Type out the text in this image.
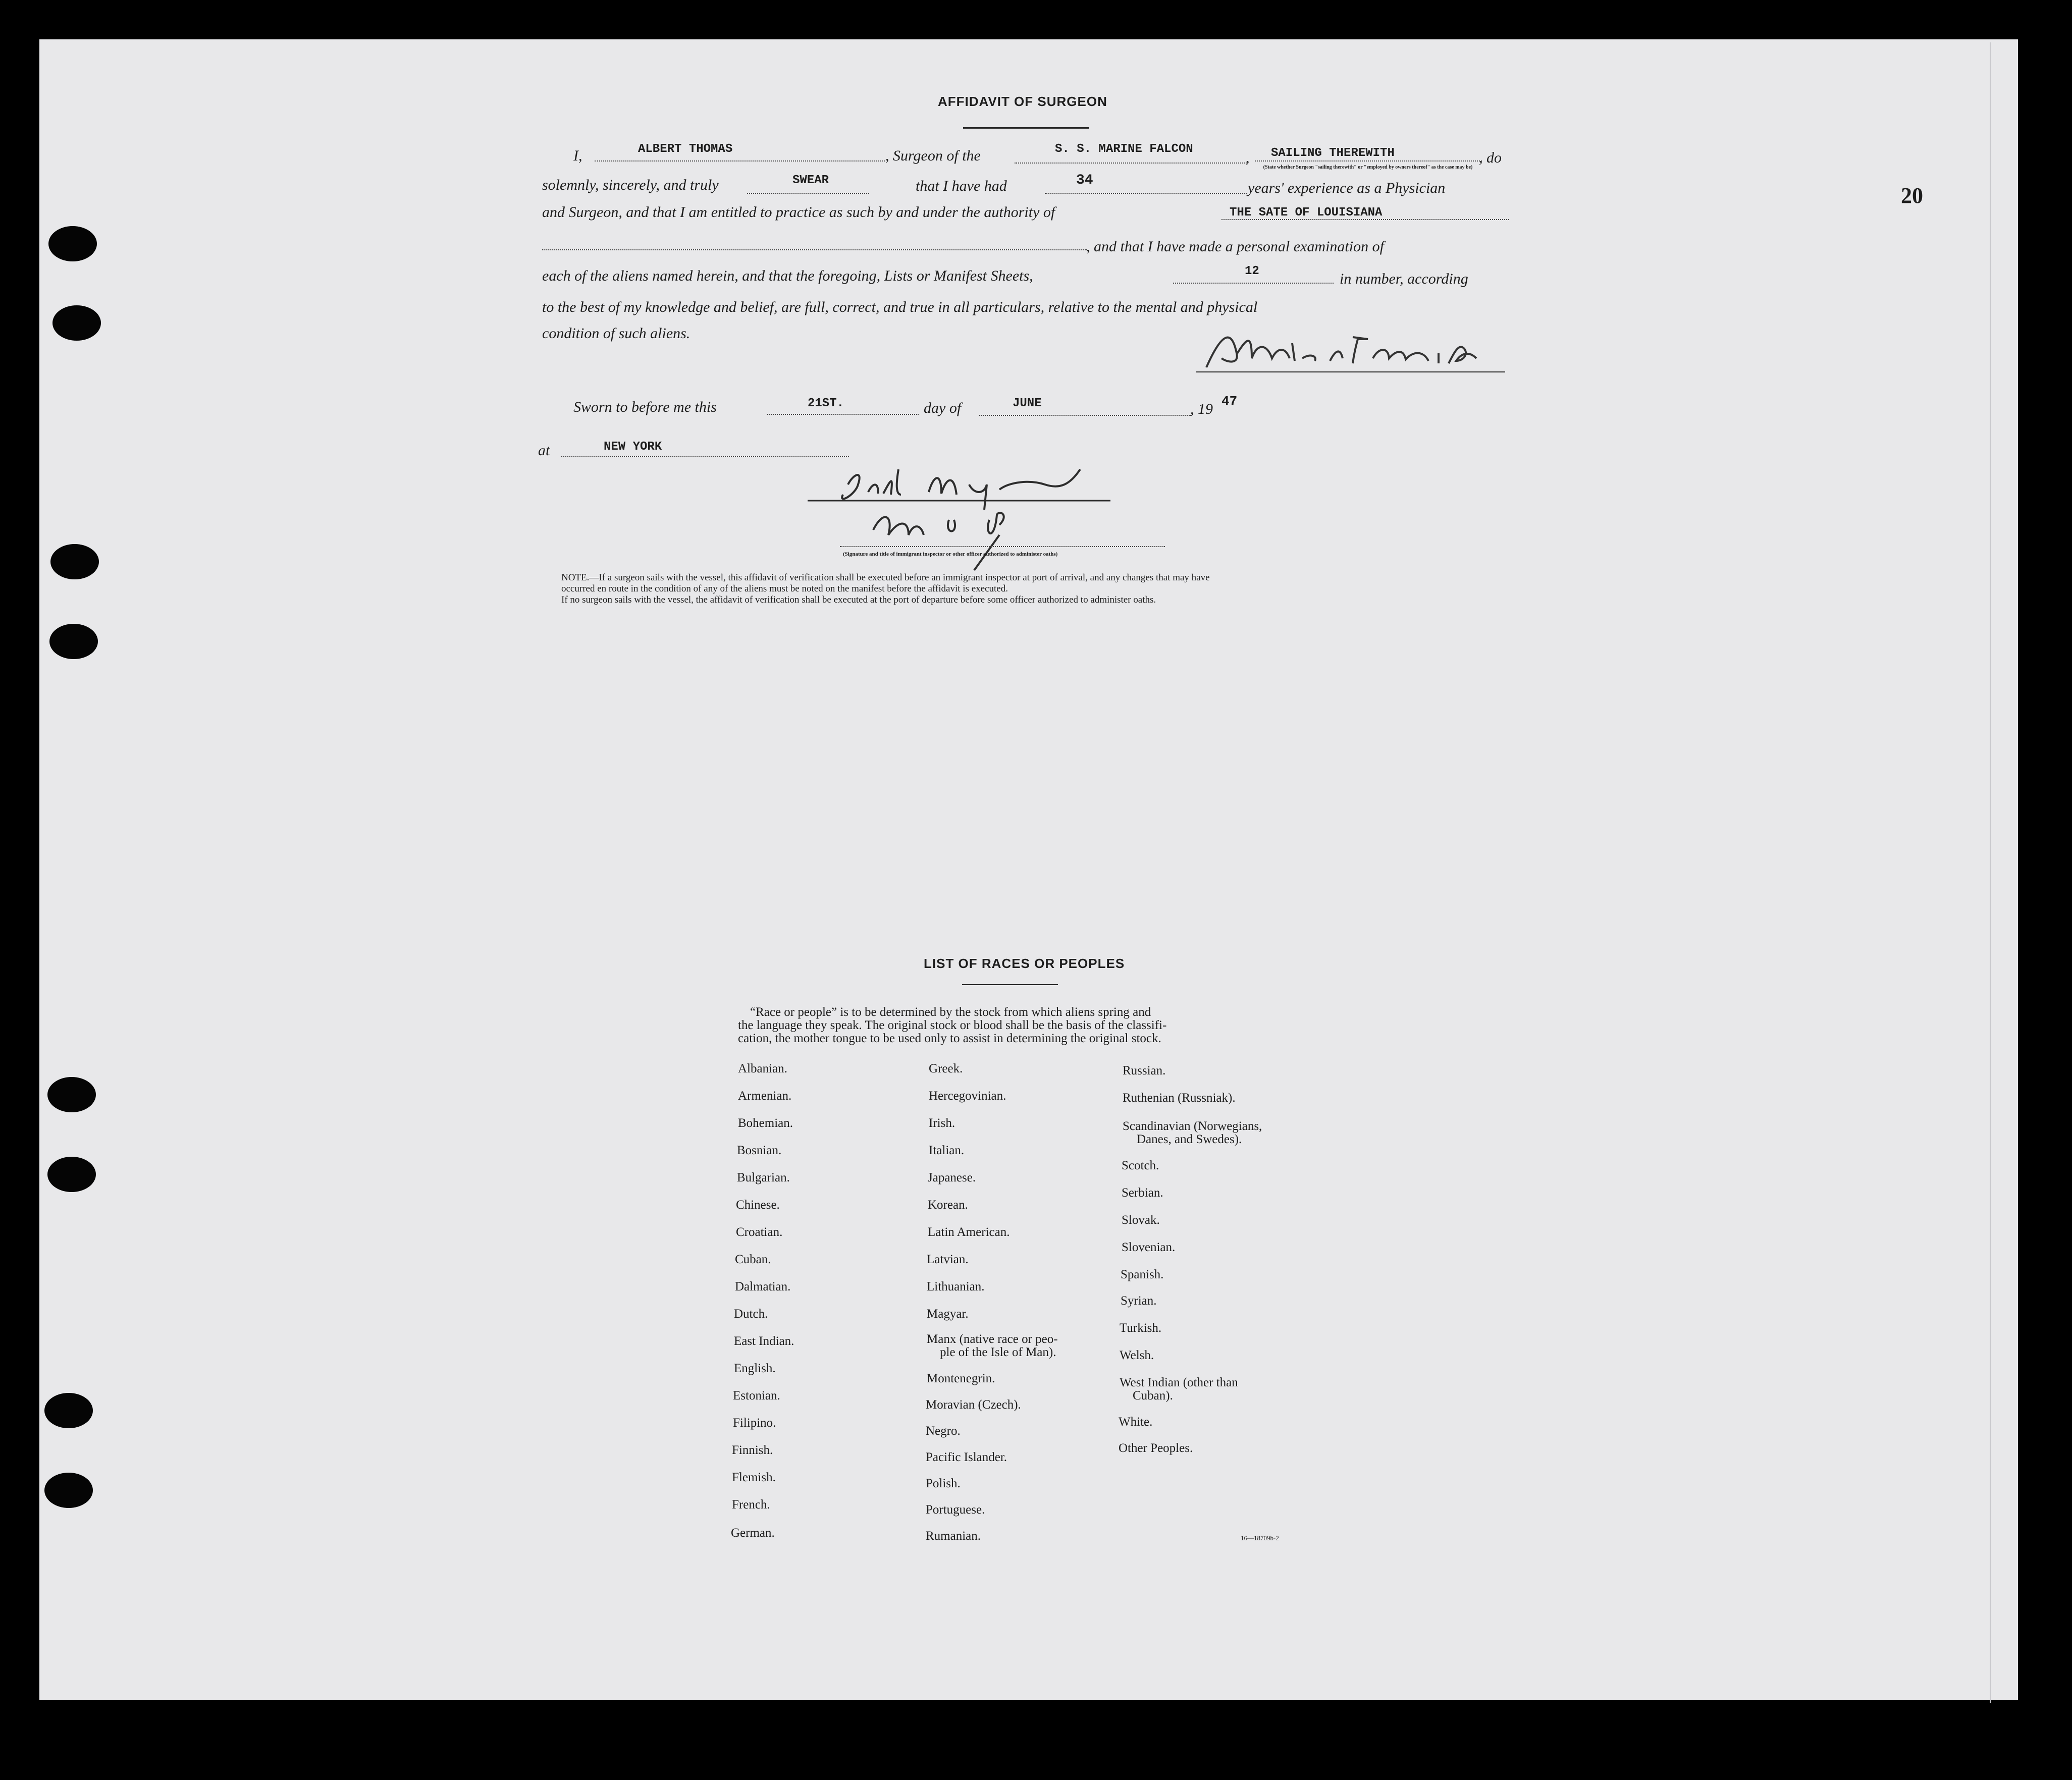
20
AFFIDAVIT OF SURGEON
I,	ALBERT THOMAS	, Surgeon of the	S. S. MARINE FALCON
, SAILING THEREWITH	, do
(State whether Surgeon "sailing therewith" or "employed by owners thereof" as the case may be)
solemnly, sincerely, and truly	SWEAR	that I have had	34	years' experience as a Physician
and Surgeon, and that I am entitled to practice as such by and under the authority of	THE SATE OF LOUISIANA
, and that I have made a personal examination of
each of the aliens named herein, and that the foregoing, Lists or Manifest Sheets,	12	in number, according
to the best of my knowledge and belief, are full, correct, and true in all particulars, relative to the mental and physical
condition of such aliens.
Sworn to before me this	21ST.	day of	JUNE	, 19 47
at	NEW YORK
(Signature and title of immigrant inspector or other officer authorized to administer oaths)
NOTE.—If a surgeon sails with the vessel, this affidavit of verification shall be executed before an immigrant inspector at port of arrival, and any changes that may have
occurred en route in the condition of any of the aliens must be noted on the manifest before the affidavit is executed.
If no surgeon sails with the vessel, the affidavit of verification shall be executed at the port of departure before some officer authorized to administer oaths.
LIST OF RACES OR PEOPLES
“Race or people” is to be determined by the stock from which aliens spring and
the language they speak. The original stock or blood shall be the basis of the classifi-
cation, the mother tongue to be used only to assist in determining the original stock.
Albanian.
Armenian.
Bohemian.
Bosnian.
Bulgarian.
Chinese.
Croatian.
Cuban.
Dalmatian.
Dutch.
East Indian.
English.
Estonian.
Filipino.
Finnish.
Flemish.
French.
German.
Greek.
Hercegovinian.
Irish.
Italian.
Japanese.
Korean.
Latin American.
Latvian.
Lithuanian.
Magyar.
Manx (native race or peo-
ple of the Isle of Man).
Montenegrin.
Moravian (Czech).
Negro.
Pacific Islander.
Polish.
Portuguese.
Rumanian.
Russian.
Ruthenian (Russniak).
Scandinavian (Norwegians,
Danes, and Swedes).
Scotch.
Serbian.
Slovak.
Slovenian.
Spanish.
Syrian.
Turkish.
Welsh.
West Indian (other than
Cuban).
White.
Other Peoples.
16—18709b-2
